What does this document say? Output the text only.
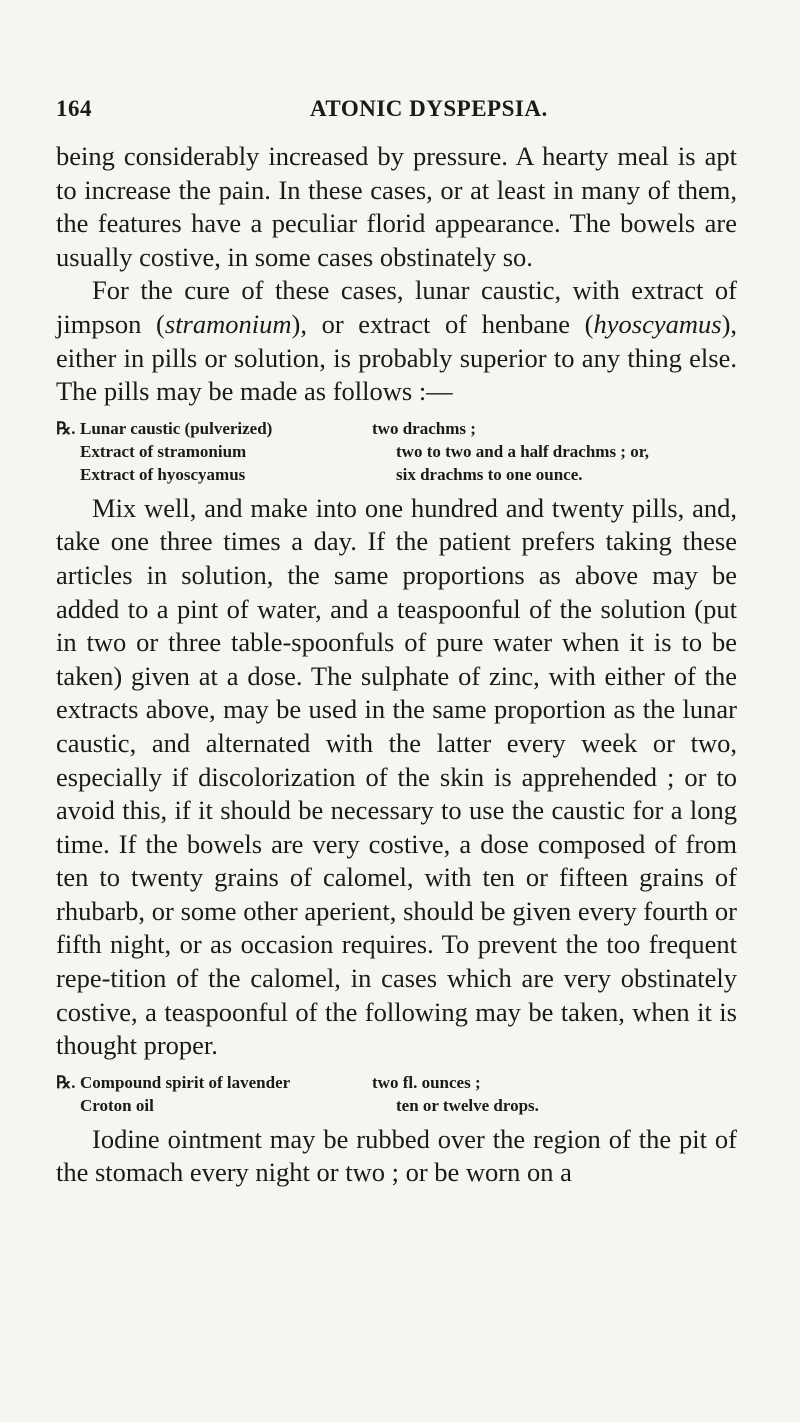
164	ATONIC DYSPEPSIA.

being considerably increased by pressure. A hearty meal is apt to increase the pain. In these cases, or at least in many of them, the features have a peculiar florid appearance. The bowels are usually costive, in some cases obstinately so.

For the cure of these cases, lunar caustic, with extract of jimpson (stramonium), or extract of henbane (hyoscyamus), either in pills or solution, is probably superior to any thing else. The pills may be made as follows :—

℞. Lunar caustic (pulverized)	two drachms ;
Extract of stramonium	two to two and a half drachms ; or,
Extract of hyoscyamus	six drachms to one ounce.

Mix well, and make into one hundred and twenty pills, and, take one three times a day. If the patient prefers taking these articles in solution, the same proportions as above may be added to a pint of water, and a teaspoonful of the solution (put in two or three table-spoonfuls of pure water when it is to be taken) given at a dose. The sulphate of zinc, with either of the extracts above, may be used in the same proportion as the lunar caustic, and alternated with the latter every week or two, especially if discolorization of the skin is apprehended ; or to avoid this, if it should be necessary to use the caustic for a long time. If the bowels are very costive, a dose composed of from ten to twenty grains of calomel, with ten or fifteen grains of rhubarb, or some other aperient, should be given every fourth or fifth night, or as occasion requires. To prevent the too frequent repe-tition of the calomel, in cases which are very obstinately costive, a teaspoonful of the following may be taken, when it is thought proper.

℞. Compound spirit of lavender	two fl. ounces ;
Croton oil	ten or twelve drops.

Iodine ointment may be rubbed over the region of the pit of the stomach every night or two ; or be worn on a
